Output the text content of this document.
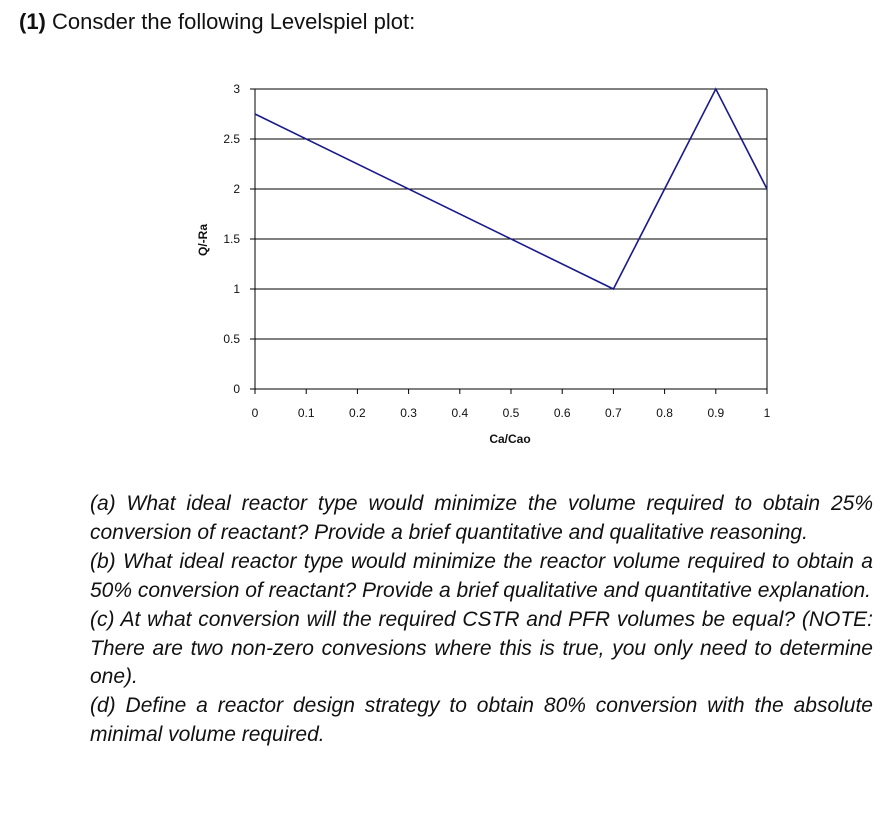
(1) Consder the following Levelspiel plot:
0
0.5
1
1.5
2
2.5
3
0	0.1	0.2	0.3	0.4	0.5	0.6	0.7	0.8	0.9	1
Ca/Cao
Q/-Ra

(a) What ideal reactor type would minimize the volume required to obtain 25% conversion of reactant? Provide a brief quantitative and qualitative reasoning.

(b) What ideal reactor type would minimize the reactor volume required to obtain a 50% conversion of reactant? Provide a brief qualitative and quantitative explanation.

(c) At what conversion will the required CSTR and PFR volumes be equal? (NOTE: There are two non-zero convesions where this is true, you only need to determine one).

(d) Define a reactor design strategy to obtain 80% conversion with the absolute minimal volume required.
